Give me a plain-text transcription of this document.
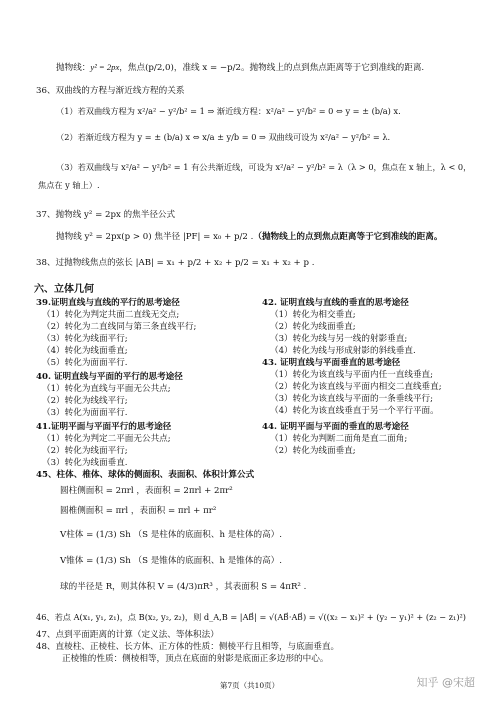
抛物线：y² = 2px，焦点(p/2,0)，准线 x = −p/2。抛物线上的点到焦点距离等于它到准线的距离.
36、双曲线的方程与渐近线方程的关系
（1）若双曲线方程为 x²/a² − y²/b² = 1 ⇒ 渐近线方程：x²/a² − y²/b² = 0 ⇔ y = ± (b/a) x.
（2）若渐近线方程为 y = ± (b/a) x ⇔ x/a ± y/b = 0 ⇒ 双曲线可设为 x²/a² − y²/b² = λ.
（3）若双曲线与 x²/a² − y²/b² = 1 有公共渐近线，可设为 x²/a² − y²/b² = λ（λ > 0，焦点在 x 轴上，λ < 0，
焦点在 y 轴上）.
37、抛物线 y² = 2px 的焦半径公式
抛物线 y² = 2px(p > 0) 焦半径 |PF| = x₀ + p/2 .（抛物线上的点到焦点距离等于它到准线的距离。
38、过抛物线焦点的弦长 |AB| = x₁ + p/2 + x₂ + p/2 = x₁ + x₂ + p .
六、立体几何
39.证明直线与直线的平行的思考途径
（1）转化为判定共面二直线无交点;
（2）转化为二直线同与第三条直线平行;
（3）转化为线面平行;
（4）转化为线面垂直;
（5）转化为面面平行.
40. 证明直线与平面的平行的思考途径
（1）转化为直线与平面无公共点;
（2）转化为线线平行;
（3）转化为面面平行.
41.证明平面与平面平行的思考途径
（1）转化为判定二平面无公共点;
（2）转化为线面平行;
（3）转化为线面垂直.
42. 证明直线与直线的垂直的思考途径
（1）转化为相交垂直;
（2）转化为线面垂直;
（3）转化为线与另一线的射影垂直;
（4）转化为线与形成射影的斜线垂直.
43. 证明直线与平面垂直的思考途径
（1）转化为该直线与平面内任一直线垂直;
（2）转化为该直线与平面内相交二直线垂直;
（3）转化为该直线与平面的一条垂线平行;
（4）转化为该直线垂直于另一个平行平面。
44. 证明平面与平面的垂直的思考途径
（1）转化为判断二面角是直二面角;
（2）转化为线面垂直;
45、柱体、椎体、球体的侧面积、表面积、体积计算公式
圆柱侧面积 = 2πrl ，表面积 = 2πrl + 2πr²
圆椎侧面积 = πrl ，表面积 = πrl + πr²
V柱体 = (1/3) Sh （S 是柱体的底面积、h 是柱体的高）.
V锥体 = (1/3) Sh （S 是锥体的底面积、h 是锥体的高）.
球的半径是 R，则其体积 V = (4/3)πR³ ，其表面积 S = 4πR² .
46、若点 A(x₁, y₁, z₁)，点 B(x₂, y₂, z₂)，则 d_A,B = |AB⃗| = √(AB⃗·AB⃗) = √((x₂ − x₁)² + (y₂ − y₁)² + (z₂ − z₁)²)
47、点到平面距离的计算（定义法、等体积法）
48、直棱柱、正棱柱、长方体、正方体的性质：侧棱平行且相等，与底面垂直。
正棱锥的性质：侧棱相等，顶点在底面的射影是底面正多边形的中心。
第7页（共10页）	知乎 @宋超
